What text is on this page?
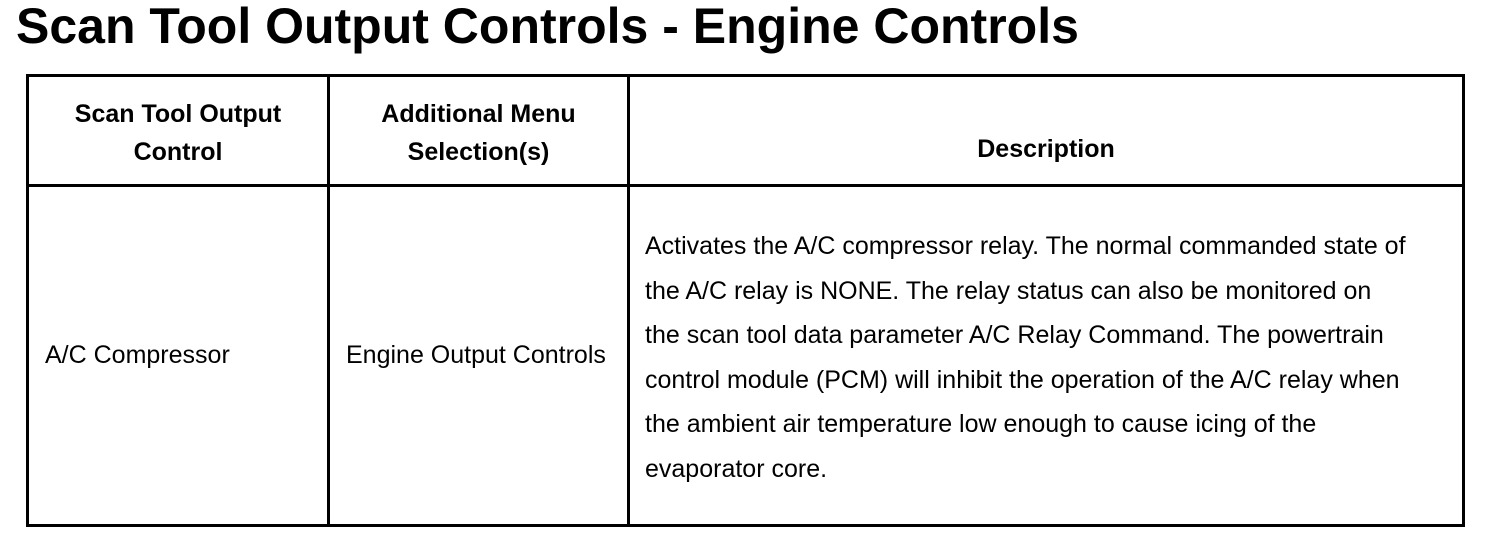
Scan Tool Output Controls - Engine Controls
Scan Tool Output Control	Additional Menu Selection(s)	Description
A/C Compressor	Engine Output Controls	Activates the A/C compressor relay. The normal commanded state of the A/C relay is NONE. The relay status can also be monitored on the scan tool data parameter A/C Relay Command. The powertrain control module (PCM) will inhibit the operation of the A/C relay when the ambient air temperature low enough to cause icing of the evaporator core.
